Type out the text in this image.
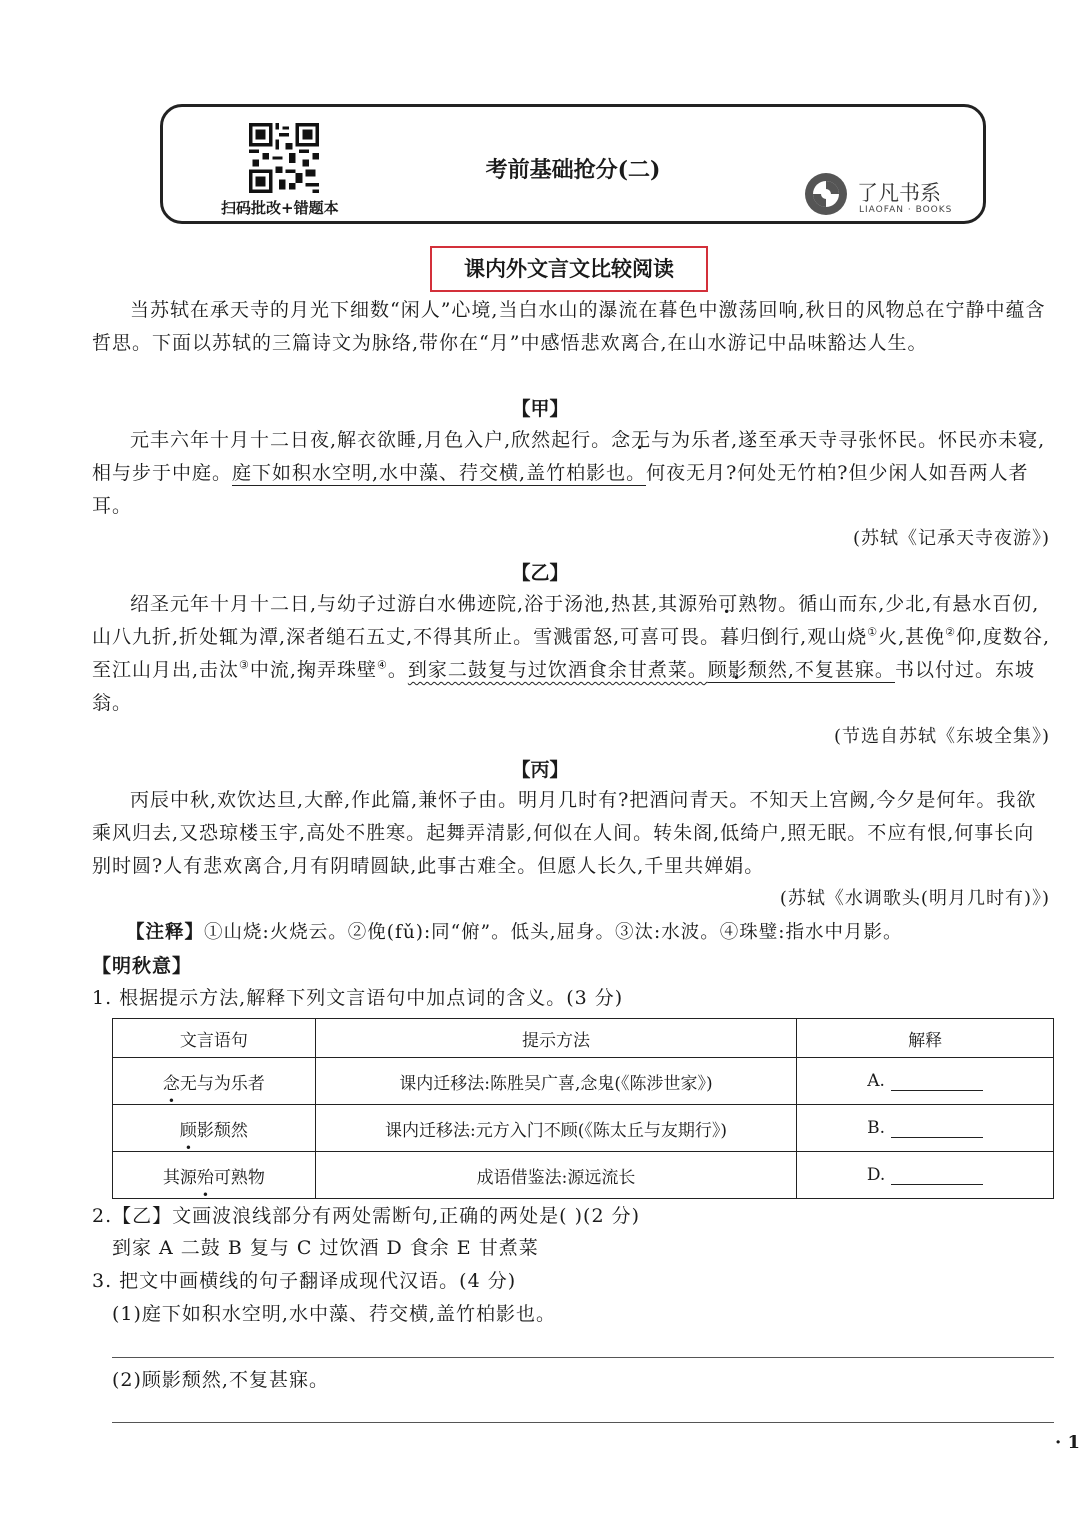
扫码批改+错题本
考前基础抢分(二)
了凡书系
LIAOFAN · BOOKS
课内外文言文比较阅读
当苏轼在承天寺的月光下细数“闲人”心境,当白水山的瀑流在暮色中激荡回响,秋日的风物总在宁静中蕴含哲思。下面以苏轼的三篇诗文为脉络,带你在“月”中感悟悲欢离合,在山水游记中品味豁达人生。
【甲】
元丰六年十月十二日夜,解衣欲睡,月色入户,欣然起行。念无与为乐者,遂至承天寺寻张怀民。怀民亦未寝,相与步于中庭。庭下如积水空明,水中藻、荇交横,盖竹柏影也。何夜无月?何处无竹柏?但少闲人如吾两人者耳。
(苏轼《记承天寺夜游》)
【乙】
绍圣元年十月十二日,与幼子过游白水佛迹院,浴于汤池,热甚,其源殆可熟物。循山而东,少北,有悬水百仞,山八九折,折处辄为潭,深者缒石五丈,不得其所止。雪溅雷怒,可喜可畏。暮归倒行,观山烧①火,甚俛②仰,度数谷,至江山月出,击汰③中流,掬弄珠壁④。到家二鼓复与过饮酒食余甘煮菜。顾影颓然,不复甚寐。书以付过。东坡翁。
(节选自苏轼《东坡全集》)
【丙】
丙辰中秋,欢饮达旦,大醉,作此篇,兼怀子由。明月几时有?把酒问青天。不知天上宫阙,今夕是何年。我欲乘风归去,又恐琼楼玉宇,高处不胜寒。起舞弄清影,何似在人间。转朱阁,低绮户,照无眠。不应有恨,何事长向别时圆?人有悲欢离合,月有阴晴圆缺,此事古难全。但愿人长久,千里共婵娟。
(苏轼《水调歌头(明月几时有)》)
【注释】①山烧:火烧云。②俛(fǔ):同“俯”。低头,屈身。③汰:水波。④珠璧:指水中月影。
【明秋意】
1. 根据提示方法,解释下列文言语句中加点词的含义。(3 分)
文言语句	提示方法	解释
念无与为乐者	课内迁移法:陈胜吴广喜,念鬼(《陈涉世家》)	A.
顾影颓然	课内迁移法:元方入门不顾(《陈太丘与友期行》)	B.
其源殆可熟物	成语借鉴法:源远流长	D.
2.【乙】文画波浪线部分有两处需断句,正确的两处是( )(2 分)
到家 A 二鼓 B 复与 C 过饮酒 D 食余 E 甘煮菜
3. 把文中画横线的句子翻译成现代汉语。(4 分)
(1)庭下如积水空明,水中藻、荇交横,盖竹柏影也。
(2)顾影颓然,不复甚寐。
· 1
